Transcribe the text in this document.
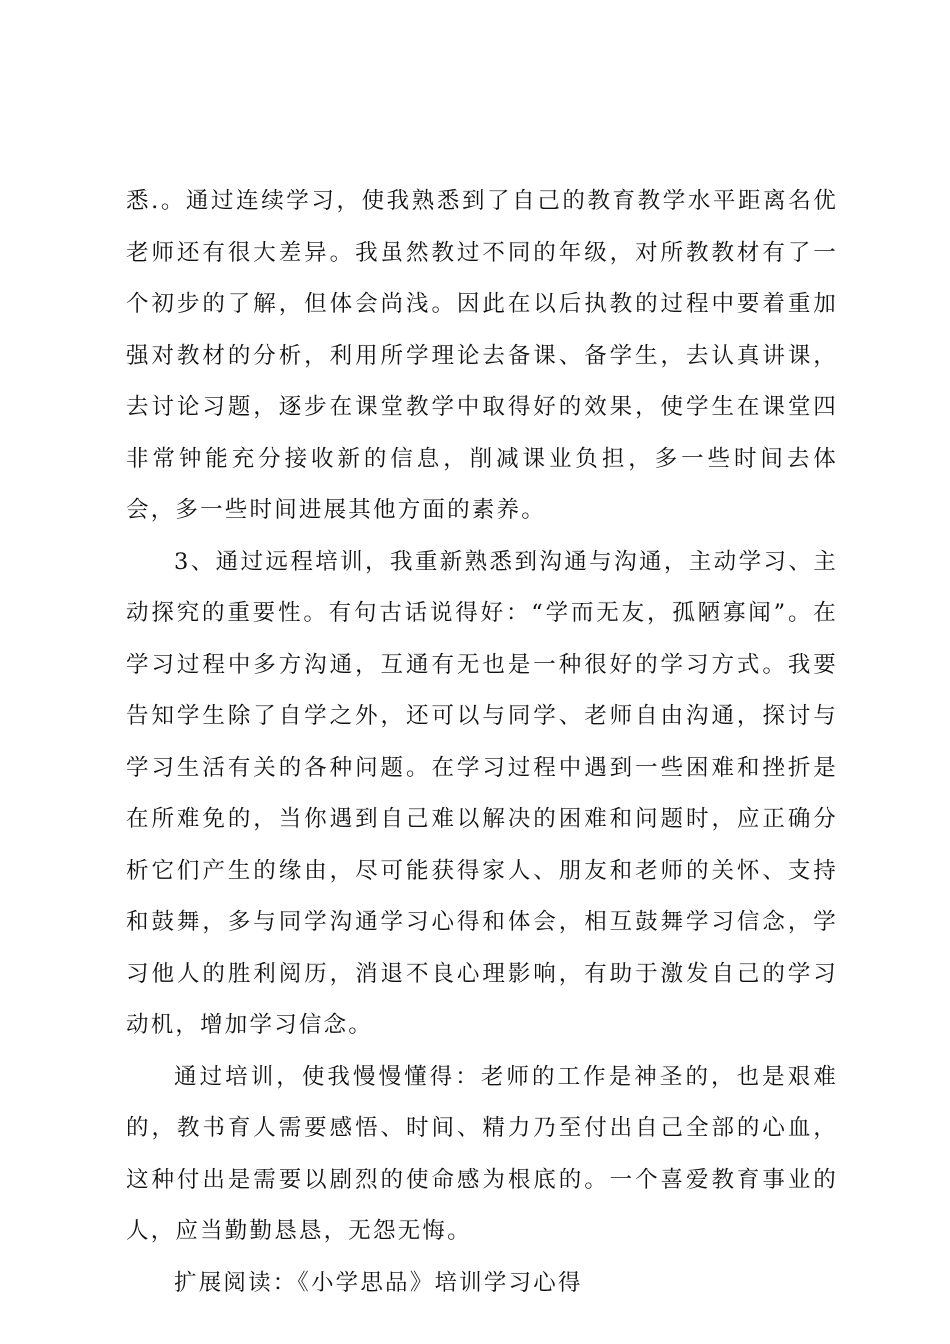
悉.。通过连续学习，使我熟悉到了自己的教育教学水平距离名优老师还有很大差异。我虽然教过不同的年级，对所教教材有了一个初步的了解，但体会尚浅。因此在以后执教的过程中要着重加强对教材的分析，利用所学理论去备课、备学生，去认真讲课，去讨论习题，逐步在课堂教学中取得好的效果，使学生在课堂四非常钟能充分接收新的信息，削减课业负担，多一些时间去体会，多一些时间进展其他方面的素养。

3、通过远程培训，我重新熟悉到沟通与沟通，主动学习、主动探究的重要性。有句古话说得好：“学而无友，孤陋寡闻”。在学习过程中多方沟通，互通有无也是一种很好的学习方式。我要告知学生除了自学之外，还可以与同学、老师自由沟通，探讨与学习生活有关的各种问题。在学习过程中遇到一些困难和挫折是在所难免的，当你遇到自己难以解决的困难和问题时，应正确分析它们产生的缘由，尽可能获得家人、朋友和老师的关怀、支持和鼓舞，多与同学沟通学习心得和体会，相互鼓舞学习信念，学习他人的胜利阅历，消退不良心理影响，有助于激发自己的学习动机，增加学习信念。

通过培训，使我慢慢懂得：老师的工作是神圣的，也是艰难的，教书育人需要感悟、时间、精力乃至付出自己全部的心血，这种付出是需要以剧烈的使命感为根底的。一个喜爱教育事业的人，应当勤勤恳恳，无怨无悔。

扩展阅读：《小学思品》培训学习心得
